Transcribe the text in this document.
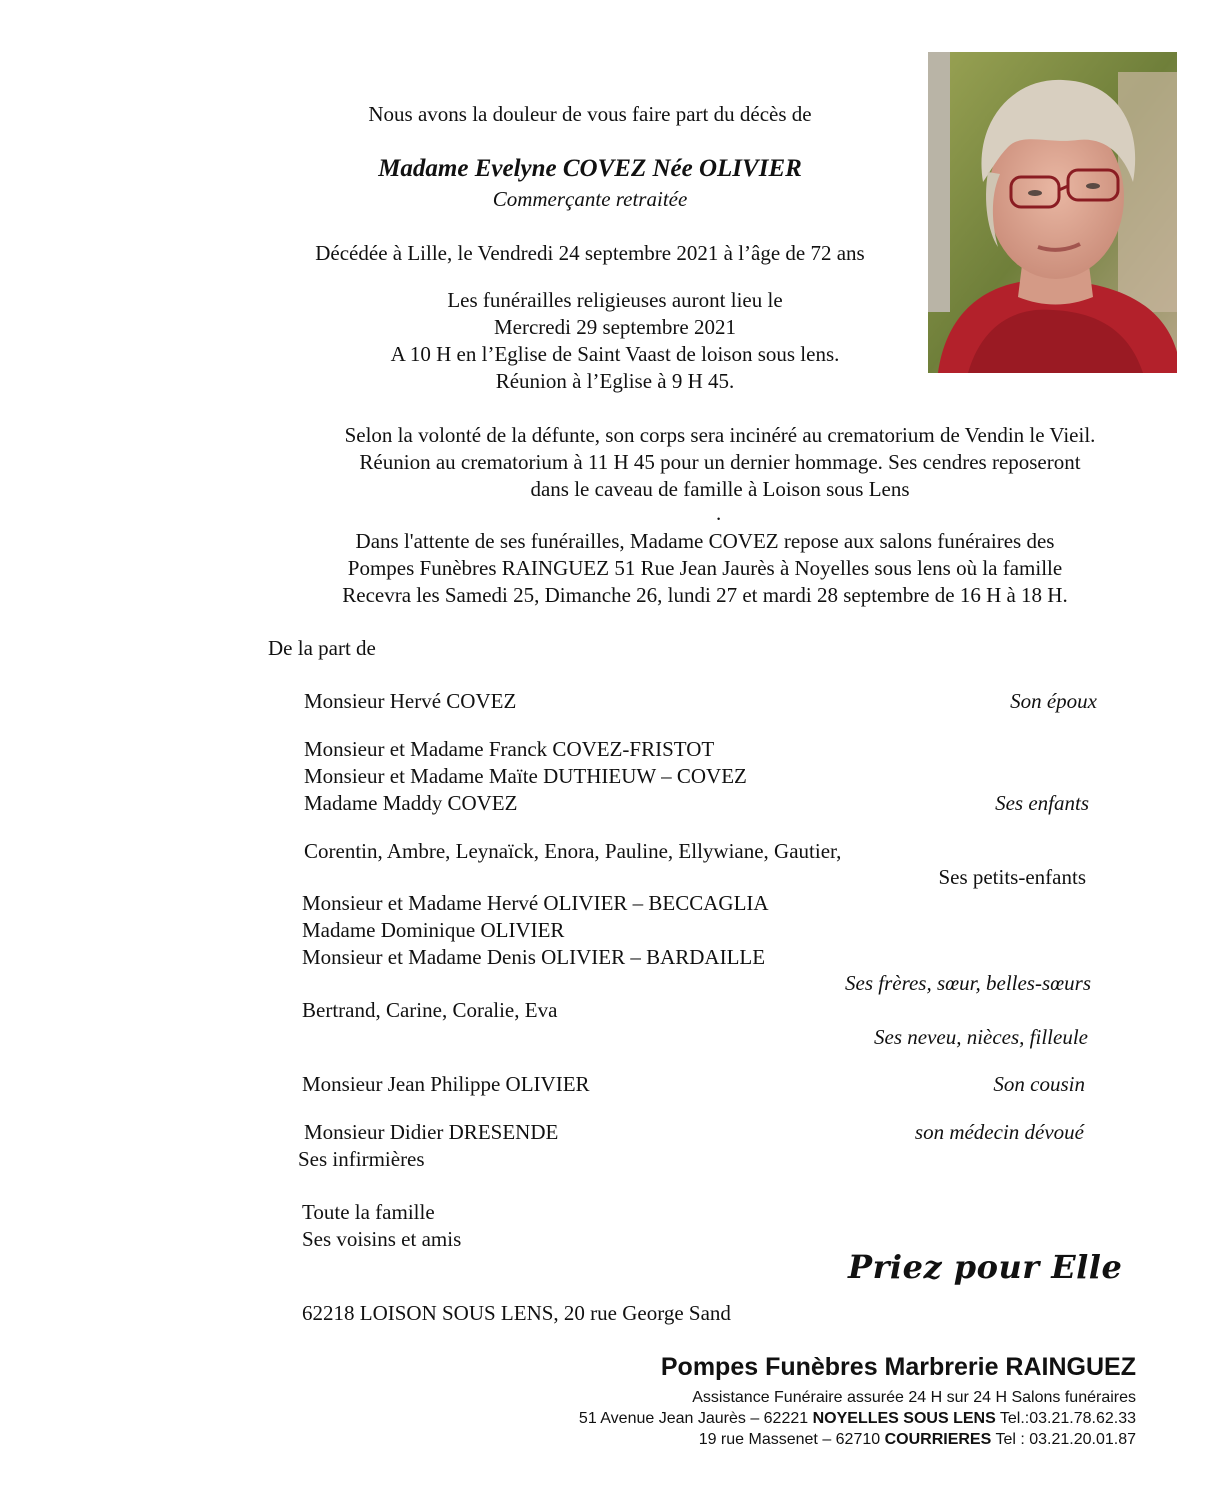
Nous avons la douleur de vous faire part du décès de
Madame Evelyne COVEZ Née OLIVIER
Commerçante retraitée
Décédée à Lille, le Vendredi 24 septembre 2021 à l’âge de 72 ans
Les funérailles religieuses auront lieu le
Mercredi 29 septembre 2021
A 10 H en l’Eglise de Saint Vaast de loison sous lens.
Réunion à l’Eglise à 9 H 45.
Selon la volonté de la défunte, son corps sera incinéré au crematorium de Vendin le Vieil.
Réunion au crematorium à 11 H 45 pour un dernier hommage. Ses cendres reposeront
dans le caveau de famille à Loison sous Lens
.
Dans l'attente de ses funérailles, Madame COVEZ repose aux salons funéraires des
Pompes Funèbres RAINGUEZ 51 Rue Jean Jaurès à Noyelles sous lens où la famille
Recevra les Samedi 25, Dimanche 26, lundi 27 et mardi 28 septembre de 16 H à 18 H.
De la part de
Monsieur Hervé COVEZ	Son époux
Monsieur et Madame Franck COVEZ-FRISTOT
Monsieur et Madame Maïte DUTHIEUW – COVEZ
Madame Maddy COVEZ	Ses enfants
Corentin, Ambre, Leynaïck, Enora, Pauline, Ellywiane, Gautier,
Ses petits-enfants
Monsieur et Madame Hervé OLIVIER – BECCAGLIA
Madame Dominique OLIVIER
Monsieur et Madame Denis OLIVIER – BARDAILLE
Ses frères, sœur, belles-sœurs
Bertrand, Carine, Coralie, Eva
Ses neveu, nièces, filleule
Monsieur Jean Philippe OLIVIER	Son cousin
Monsieur Didier DRESENDE	son médecin dévoué
Ses infirmières
Toute la famille
Ses voisins et amis
Priez pour Elle
62218 LOISON SOUS LENS, 20 rue George Sand
Pompes Funèbres Marbrerie RAINGUEZ
Assistance Funéraire assurée 24 H sur 24 H Salons funéraires
51 Avenue Jean Jaurès – 62221 NOYELLES SOUS LENS Tel.:03.21.78.62.33
19 rue Massenet – 62710 COURRIERES Tel : 03.21.20.01.87
